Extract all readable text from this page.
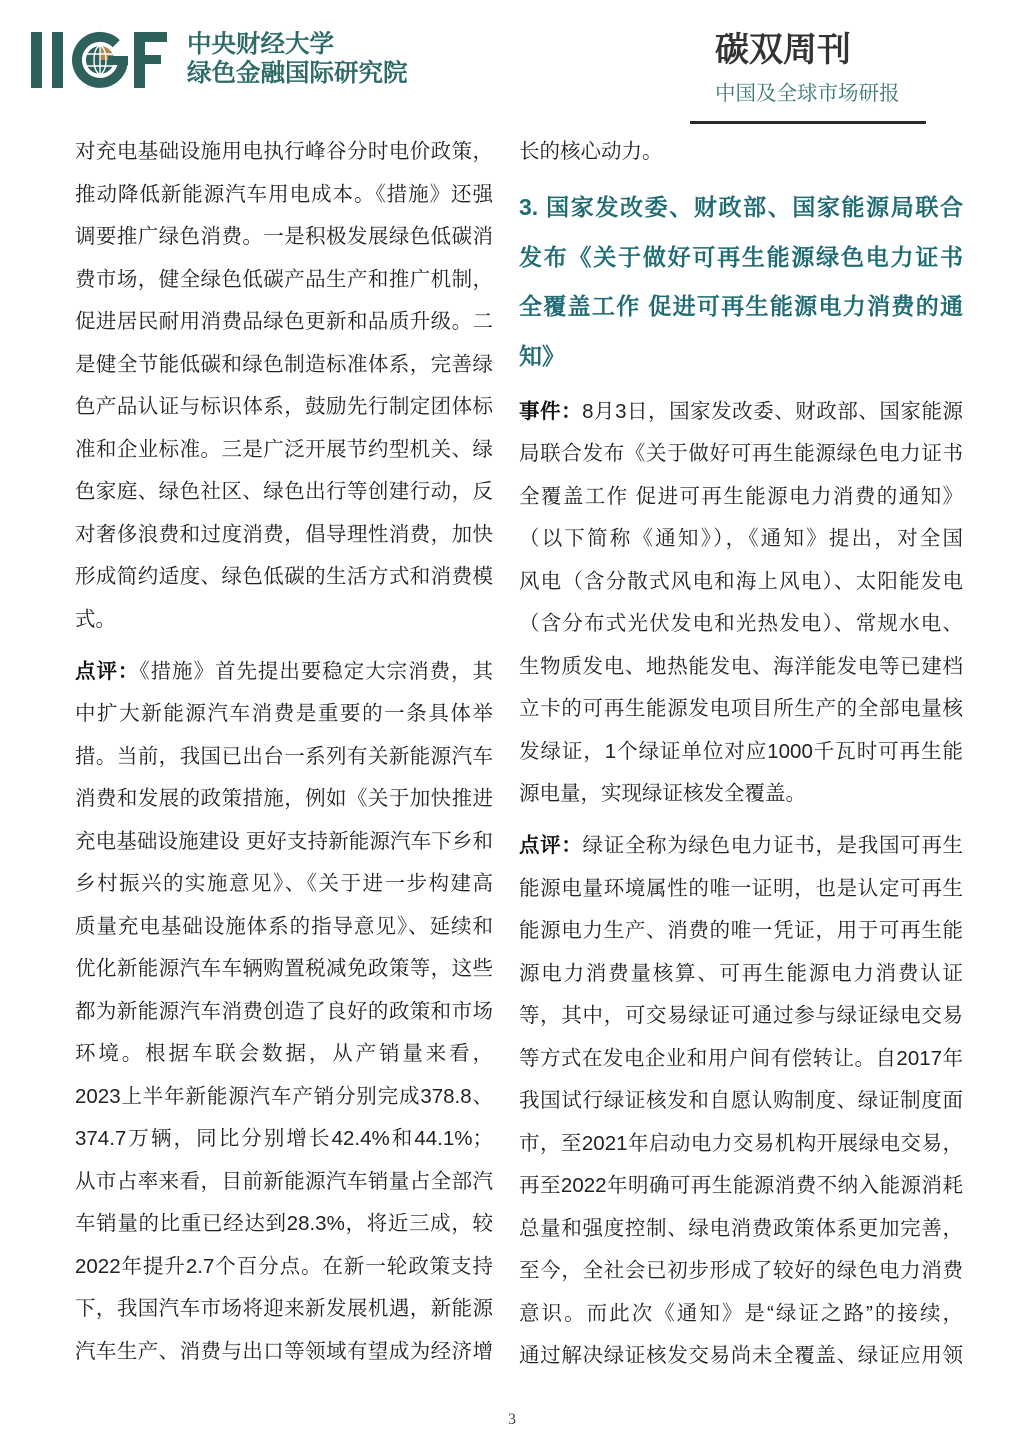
中央财经大学
绿色金融国际研究院
碳双周刊
中国及全球市场研报
对充电基础设施用电执行峰谷分时电价政策，
推动降低新能源汽车用电成本。《措施》还强
调要推广绿色消费。一是积极发展绿色低碳消
费市场，健全绿色低碳产品生产和推广机制，
促进居民耐用消费品绿色更新和品质升级。二
是健全节能低碳和绿色制造标准体系，完善绿
色产品认证与标识体系，鼓励先行制定团体标
准和企业标准。三是广泛开展节约型机关、绿
色家庭、绿色社区、绿色出行等创建行动，反
对奢侈浪费和过度消费，倡导理性消费，加快
形成简约适度、绿色低碳的生活方式和消费模
式。
点评：《措施》首先提出要稳定大宗消费，其
中扩大新能源汽车消费是重要的一条具体举
措。当前，我国已出台一系列有关新能源汽车
消费和发展的政策措施，例如《关于加快推进
充电基础设施建设 更好支持新能源汽车下乡和
乡村振兴的实施意见》、《关于进一步构建高
质量充电基础设施体系的指导意见》、延续和
优化新能源汽车车辆购置税减免政策等，这些
都为新能源汽车消费创造了良好的政策和市场
环境。根据车联会数据，从产销量来看，
2023上半年新能源汽车产销分别完成378.8、
374.7万辆，同比分别增长42.4%和44.1%；
从市占率来看，目前新能源汽车销量占全部汽
车销量的比重已经达到28.3%，将近三成，较
2022年提升2.7个百分点。在新一轮政策支持
下，我国汽车市场将迎来新发展机遇，新能源
汽车生产、消费与出口等领域有望成为经济增
长的核心动力。
3. 国家发改委、财政部、国家能源局联合
发布《关于做好可再生能源绿色电力证书
全覆盖工作 促进可再生能源电力消费的通
知》
事件：8月3日，国家发改委、财政部、国家能源
局联合发布《关于做好可再生能源绿色电力证书
全覆盖工作 促进可再生能源电力消费的通知》
（以下简称《通知》），《通知》提出，对全国
风电（含分散式风电和海上风电）、太阳能发电
（含分布式光伏发电和光热发电）、常规水电、
生物质发电、地热能发电、海洋能发电等已建档
立卡的可再生能源发电项目所生产的全部电量核
发绿证，1个绿证单位对应1000千瓦时可再生能
源电量，实现绿证核发全覆盖。
点评：绿证全称为绿色电力证书，是我国可再生
能源电量环境属性的唯一证明，也是认定可再生
能源电力生产、消费的唯一凭证，用于可再生能
源电力消费量核算、可再生能源电力消费认证
等，其中，可交易绿证可通过参与绿证绿电交易
等方式在发电企业和用户间有偿转让。自2017年
我国试行绿证核发和自愿认购制度、绿证制度面
市，至2021年启动电力交易机构开展绿电交易，
再至2022年明确可再生能源消费不纳入能源消耗
总量和强度控制、绿电消费政策体系更加完善，
至今，全社会已初步形成了较好的绿色电力消费
意识。而此次《通知》是“绿证之路”的接续，
通过解决绿证核发交易尚未全覆盖、绿证应用领
3
